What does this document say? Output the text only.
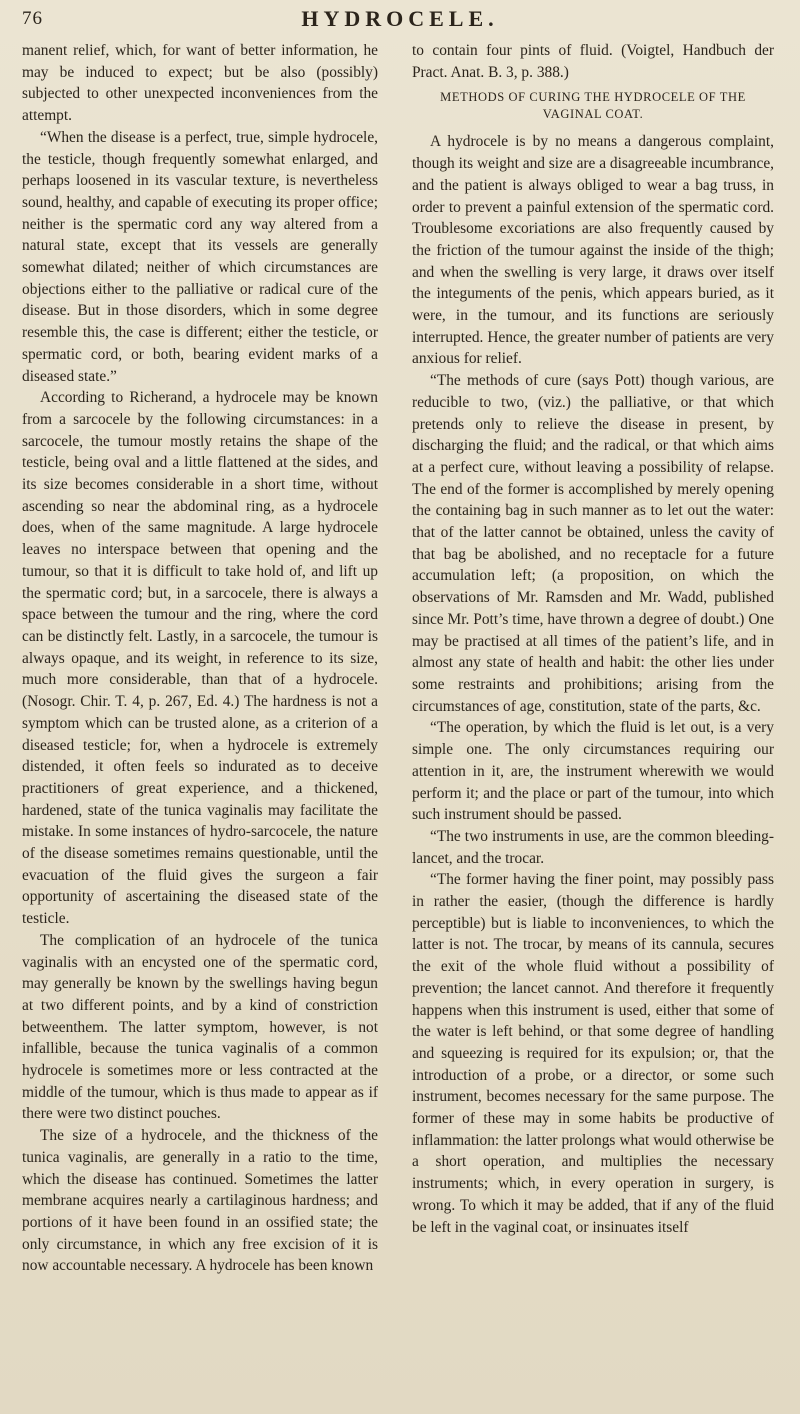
76	HYDROCELE.

manent relief, which, for want of better information, he may be induced to expect; but be also (possibly) subjected to other unexpected inconveniences from the attempt.

“When the disease is a perfect, true, simple hydrocele, the testicle, though frequently somewhat enlarged, and perhaps loosened in its vascular texture, is nevertheless sound, healthy, and capable of executing its proper office; neither is the spermatic cord any way altered from a natural state, except that its vessels are generally somewhat dilated; neither of which circumstances are objections either to the palliative or radical cure of the disease. But in those disorders, which in some degree resemble this, the case is different; either the testicle, or spermatic cord, or both, bearing evident marks of a diseased state.”

According to Richerand, a hydrocele may be known from a sarcocele by the following circumstances: in a sarcocele, the tumour mostly retains the shape of the testicle, being oval and a little flattened at the sides, and its size becomes considerable in a short time, without ascending so near the abdominal ring, as a hydrocele does, when of the same magnitude. A large hydrocele leaves no interspace between that opening and the tumour, so that it is difficult to take hold of, and lift up the spermatic cord; but, in a sarcocele, there is always a space between the tumour and the ring, where the cord can be distinctly felt. Lastly, in a sarcocele, the tumour is always opaque, and its weight, in reference to its size, much more considerable, than that of a hydrocele. (Nosogr. Chir. T. 4, p. 267, Ed. 4.) The hardness is not a symptom which can be trusted alone, as a criterion of a diseased testicle; for, when a hydrocele is extremely distended, it often feels so indurated as to deceive practitioners of great experience, and a thickened, hardened, state of the tunica vaginalis may facilitate the mistake. In some instances of hydro-sarcocele, the nature of the disease sometimes remains questionable, until the evacuation of the fluid gives the surgeon a fair opportunity of ascertaining the diseased state of the testicle.

The complication of an hydrocele of the tunica vaginalis with an encysted one of the spermatic cord, may generally be known by the swellings having begun at two different points, and by a kind of constriction betweenthem. The latter symptom, however, is not infallible, because the tunica vaginalis of a common hydrocele is sometimes more or less contracted at the middle of the tumour, which is thus made to appear as if there were two distinct pouches.

The size of a hydrocele, and the thickness of the tunica vaginalis, are generally in a ratio to the time, which the disease has continued. Sometimes the latter membrane acquires nearly a cartilaginous hardness; and portions of it have been found in an ossified state; the only circumstance, in which any free excision of it is now accountable necessary. A hydrocele has been known

to contain four pints of fluid. (Voigtel, Handbuch der Pract. Anat. B. 3, p. 388.)

METHODS OF CURING THE HYDROCELE OF THE VAGINAL COAT.

A hydrocele is by no means a dangerous complaint, though its weight and size are a disagreeable incumbrance, and the patient is always obliged to wear a bag truss, in order to prevent a painful extension of the spermatic cord. Troublesome excoriations are also frequently caused by the friction of the tumour against the inside of the thigh; and when the swelling is very large, it draws over itself the integuments of the penis, which appears buried, as it were, in the tumour, and its functions are seriously interrupted. Hence, the greater number of patients are very anxious for relief.

“The methods of cure (says Pott) though various, are reducible to two, (viz.) the palliative, or that which pretends only to relieve the disease in present, by discharging the fluid; and the radical, or that which aims at a perfect cure, without leaving a possibility of relapse. The end of the former is accomplished by merely opening the containing bag in such manner as to let out the water: that of the latter cannot be obtained, unless the cavity of that bag be abolished, and no receptacle for a future accumulation left; (a proposition, on which the observations of Mr. Ramsden and Mr. Wadd, published since Mr. Pott’s time, have thrown a degree of doubt.) One may be practised at all times of the patient’s life, and in almost any state of health and habit: the other lies under some restraints and prohibitions; arising from the circumstances of age, constitution, state of the parts, &c.

“The operation, by which the fluid is let out, is a very simple one. The only circumstances requiring our attention in it, are, the instrument wherewith we would perform it; and the place or part of the tumour, into which such instrument should be passed.

“The two instruments in use, are the common bleeding-lancet, and the trocar.

“The former having the finer point, may possibly pass in rather the easier, (though the difference is hardly perceptible) but is liable to inconveniences, to which the latter is not. The trocar, by means of its cannula, secures the exit of the whole fluid without a possibility of prevention; the lancet cannot. And therefore it frequently happens when this instrument is used, either that some of the water is left behind, or that some degree of handling and squeezing is required for its expulsion; or, that the introduction of a probe, or a director, or some such instrument, becomes necessary for the same purpose. The former of these may in some habits be productive of inflammation: the latter prolongs what would otherwise be a short operation, and multiplies the necessary instruments; which, in every operation in surgery, is wrong. To which it may be added, that if any of the fluid be left in the vaginal coat, or insinuates itself
